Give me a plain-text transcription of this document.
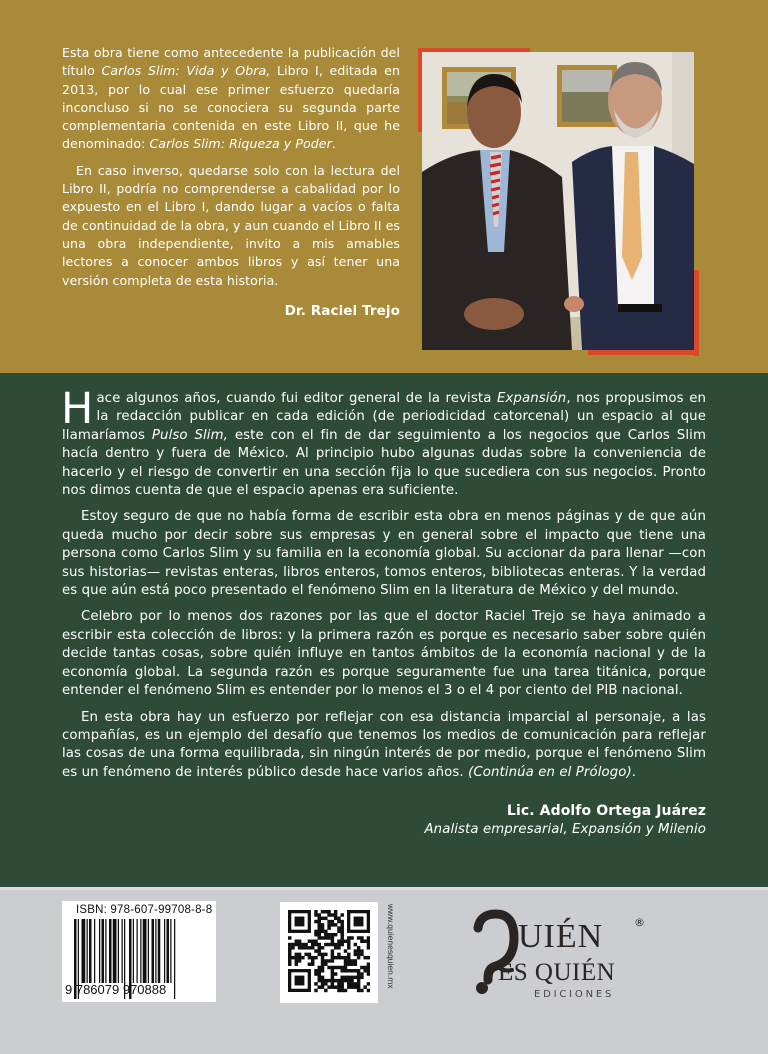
Esta obra tiene como antecedente la publicación del título Carlos Slim: Vida y Obra, Libro I, editada en 2013, por lo cual ese primer esfuerzo quedaría inconcluso si no se conociera su segunda parte complementaria contenida en este Libro II, que he denominado: Carlos Slim: Riqueza y Poder.

En caso inverso, quedarse solo con la lectura del Libro II, podría no comprenderse a cabalidad por lo expuesto en el Libro I, dando lugar a vacíos o falta de continuidad de la obra, y aun cuando el Libro II es una obra independiente, invito a mis amables lectores a conocer ambos libros y así tener una versión completa de esta historia.

Dr. Raciel Trejo

Hace algunos años, cuando fui editor general de la revista Expansión, nos propusimos en la redacción publicar en cada edición (de periodicidad catorcenal) un espacio al que llamaríamos Pulso Slim, este con el fin de dar seguimiento a los negocios que Carlos Slim hacía dentro y fuera de México. Al principio hubo algunas dudas sobre la conveniencia de hacerlo y el riesgo de convertir en una sección fija lo que sucediera con sus negocios. Pronto nos dimos cuenta de que el espacio apenas era suficiente.

Estoy seguro de que no había forma de escribir esta obra en menos páginas y de que aún queda mucho por decir sobre sus empresas y en general sobre el impacto que tiene una persona como Carlos Slim y su familia en la economía global. Su accionar da para llenar —con sus historias— revistas enteras, libros enteros, tomos enteros, bibliotecas enteras. Y la verdad es que aún está poco presentado el fenómeno Slim en la literatura de México y del mundo.

Celebro por lo menos dos razones por las que el doctor Raciel Trejo se haya animado a escribir esta colección de libros: y la primera razón es porque es necesario saber sobre quién decide tantas cosas, sobre quién influye en tantos ámbitos de la economía nacional y de la economía global. La segunda razón es porque seguramente fue una tarea titánica, porque entender el fenómeno Slim es entender por lo menos el 3 o el 4 por ciento del PIB nacional.

En esta obra hay un esfuerzo por reflejar con esa distancia imparcial al personaje, a las compañías, es un ejemplo del desafío que tenemos los medios de comunicación para reflejar las cosas de una forma equilibrada, sin ningún interés de por medio, porque el fenómeno Slim es un fenómeno de interés público desde hace varios años. (Continúa en el Prólogo).

Lic. Adolfo Ortega Juárez
Analista empresarial, Expansión y Milenio
ISBN: 978-607-99708-8-8
9 786079 970888
www.quienesquien.mx	UIÉN	®
ES QUIÉN
EDICIONES
